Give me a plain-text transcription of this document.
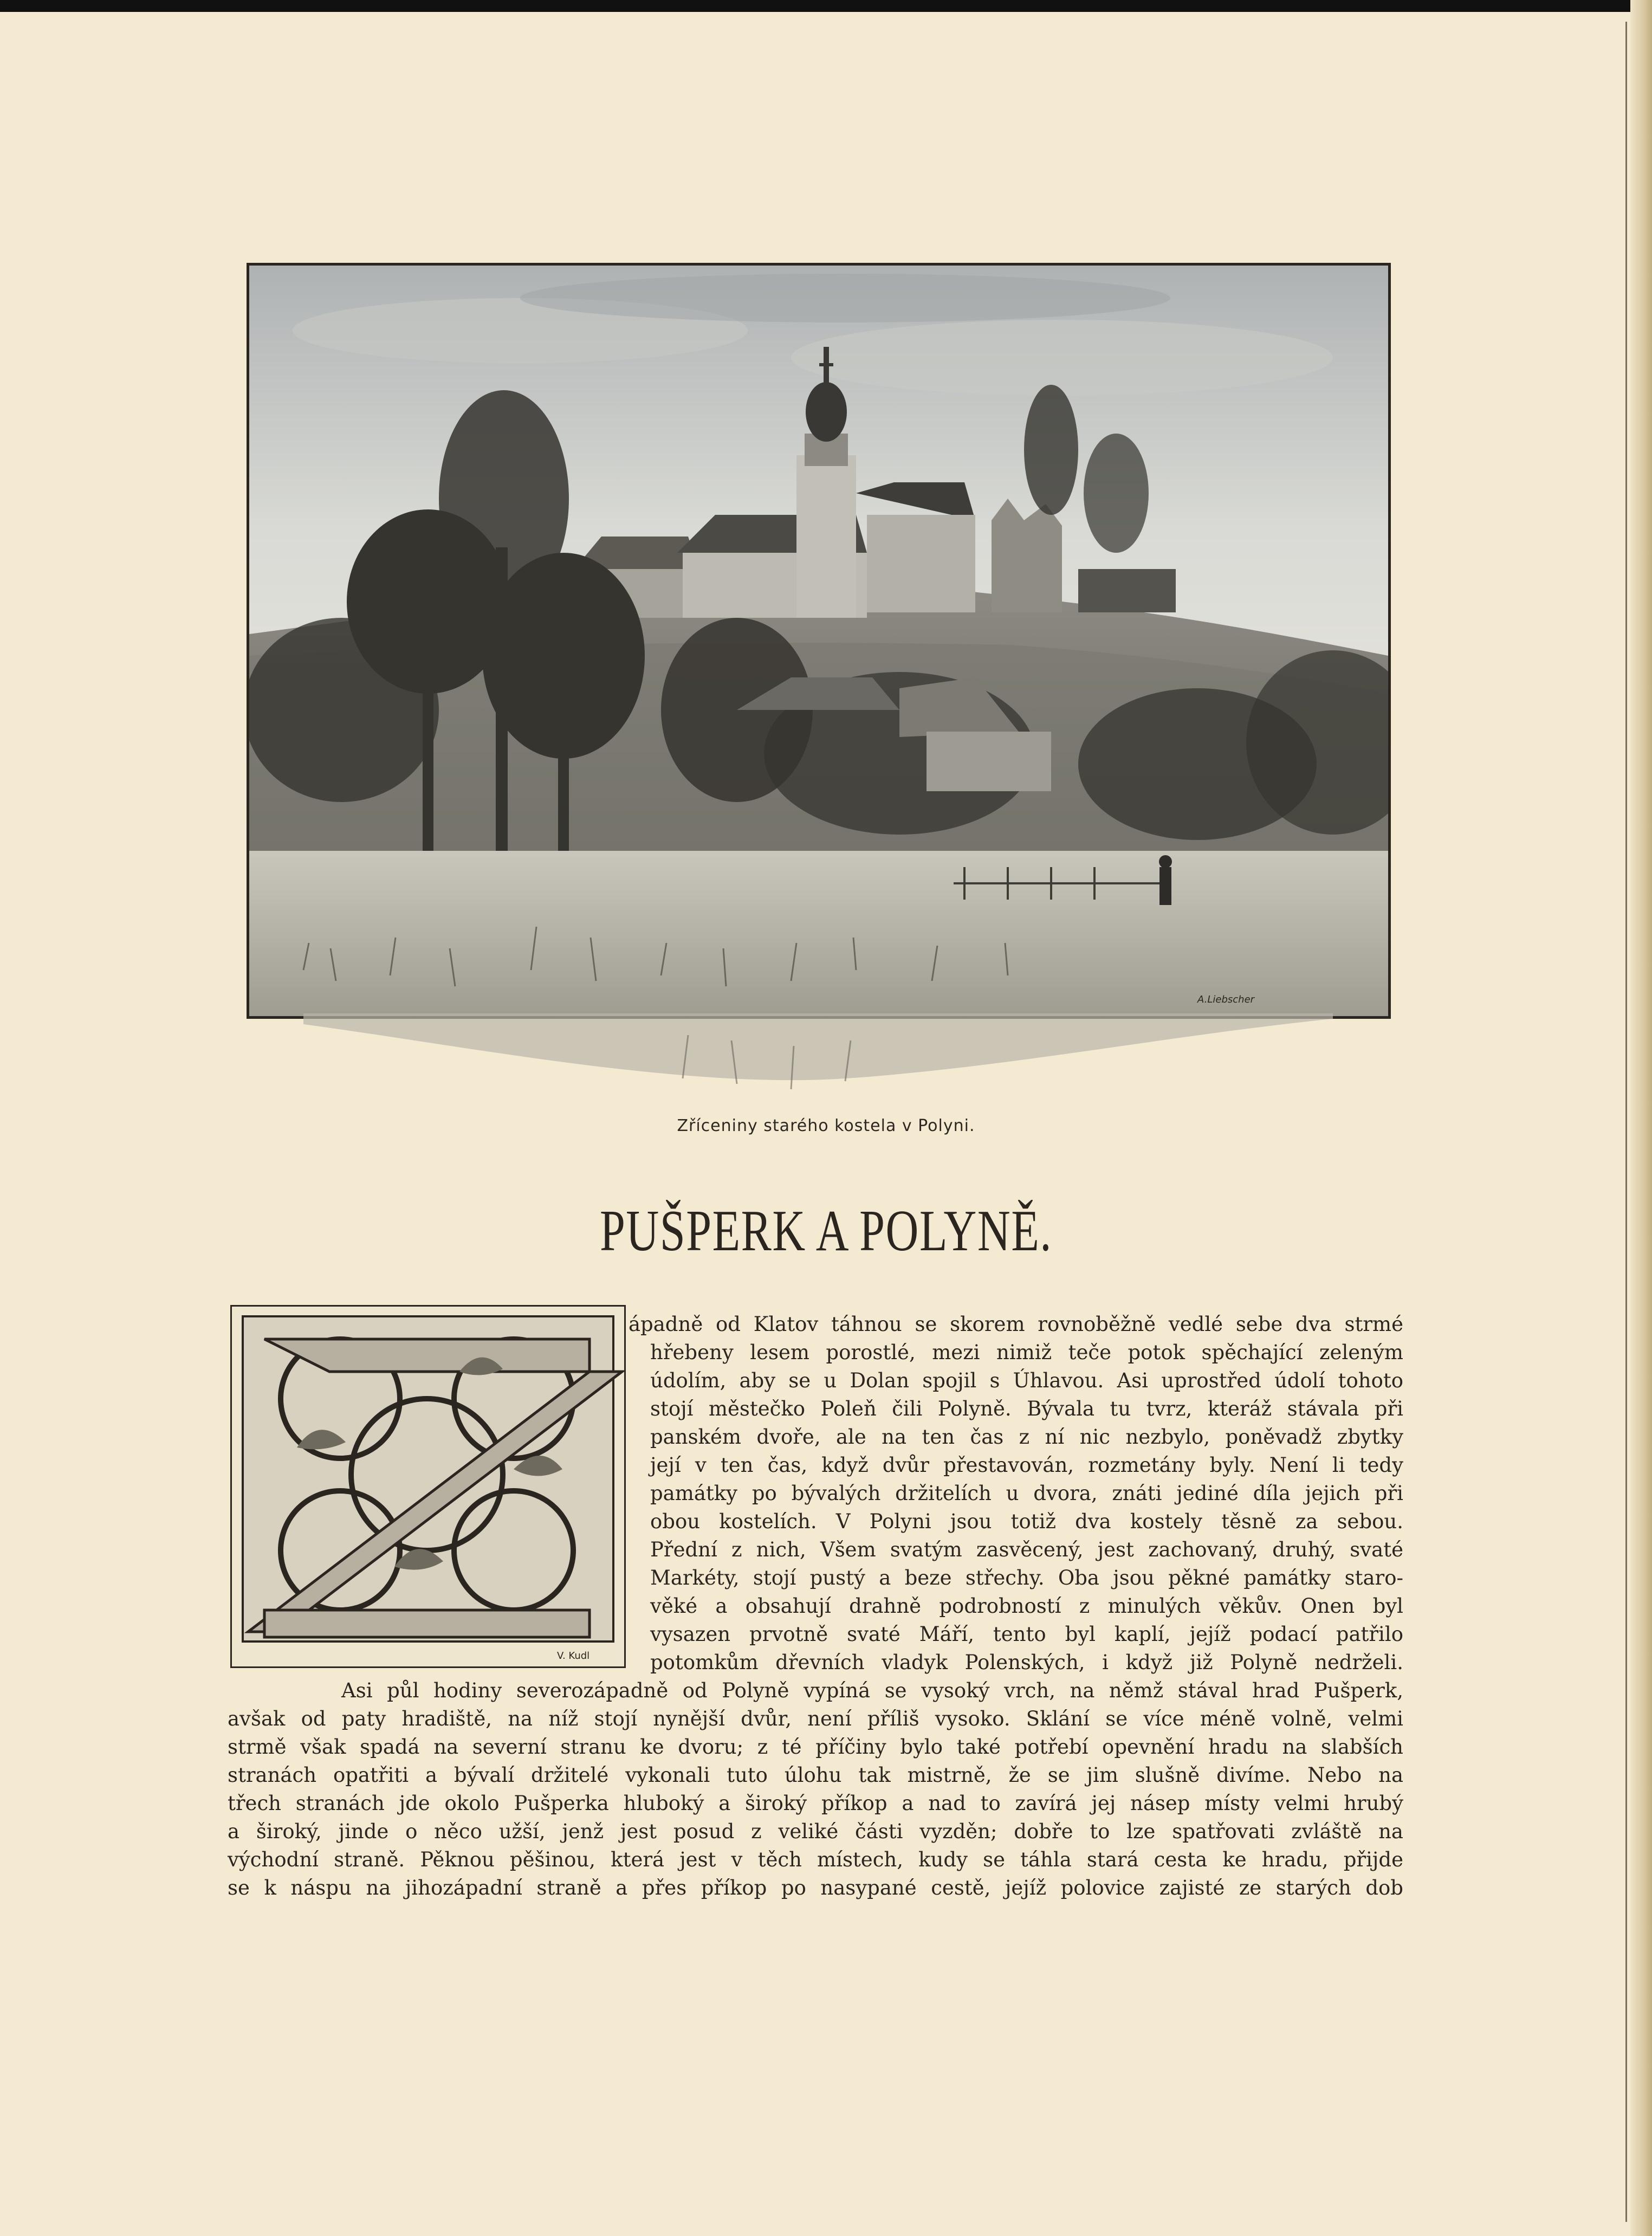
A.Liebscher
Zříceniny starého kostela v Polyni.
PUŠPERK A POLYNĚ.
V. Kudl
ápadně od Klatov táhnou se skorem rovnoběžně vedlé sebe dva strmé
hřebeny lesem porostlé, mezi nimiž teče potok spěchající zeleným
údolím, aby se u Dolan spojil s Úhlavou. Asi uprostřed údolí tohoto
stojí městečko Poleň čili Polyně. Bývala tu tvrz, kteráž stávala při
panském dvoře, ale na ten čas z ní nic nezbylo, poněvadž zbytky
její v ten čas, když dvůr přestavován, rozmetány byly. Není li tedy
památky po bývalých držitelích u dvora, znáti jediné díla jejich při
obou kostelích. V Polyni jsou totiž dva kostely těsně za sebou.
Přední z nich, Všem svatým zasvěcený, jest zachovaný, druhý, svaté
Markéty, stojí pustý a beze střechy. Oba jsou pěkné památky staro-
věké a obsahují drahně podrobností z minulých věkův. Onen byl
vysazen prvotně svaté Máří, tento byl kaplí, jejíž podací patřilo
potomkům dřevních vladyk Polenských, i když již Polyně nedrželi.
Asi půl hodiny severozápadně od Polyně vypíná se vysoký vrch, na němž stával hrad Pušperk,
avšak od paty hradiště, na níž stojí nynější dvůr, není příliš vysoko. Sklání se více méně volně, velmi
strmě však spadá na severní stranu ke dvoru; z té příčiny bylo také potřebí opevnění hradu na slabších
stranách opatřiti a bývalí držitelé vykonali tuto úlohu tak mistrně, že se jim slušně divíme. Nebo na
třech stranách jde okolo Pušperka hluboký a široký příkop a nad to zavírá jej násep místy velmi hrubý
a široký, jinde o něco užší, jenž jest posud z veliké části vyzděn; dobře to lze spatřovati zvláště na
východní straně. Pěknou pěšinou, která jest v těch místech, kudy se táhla stará cesta ke hradu, přijde
se k náspu na jihozápadní straně a přes příkop po nasypané cestě, jejíž polovice zajisté ze starých dob
